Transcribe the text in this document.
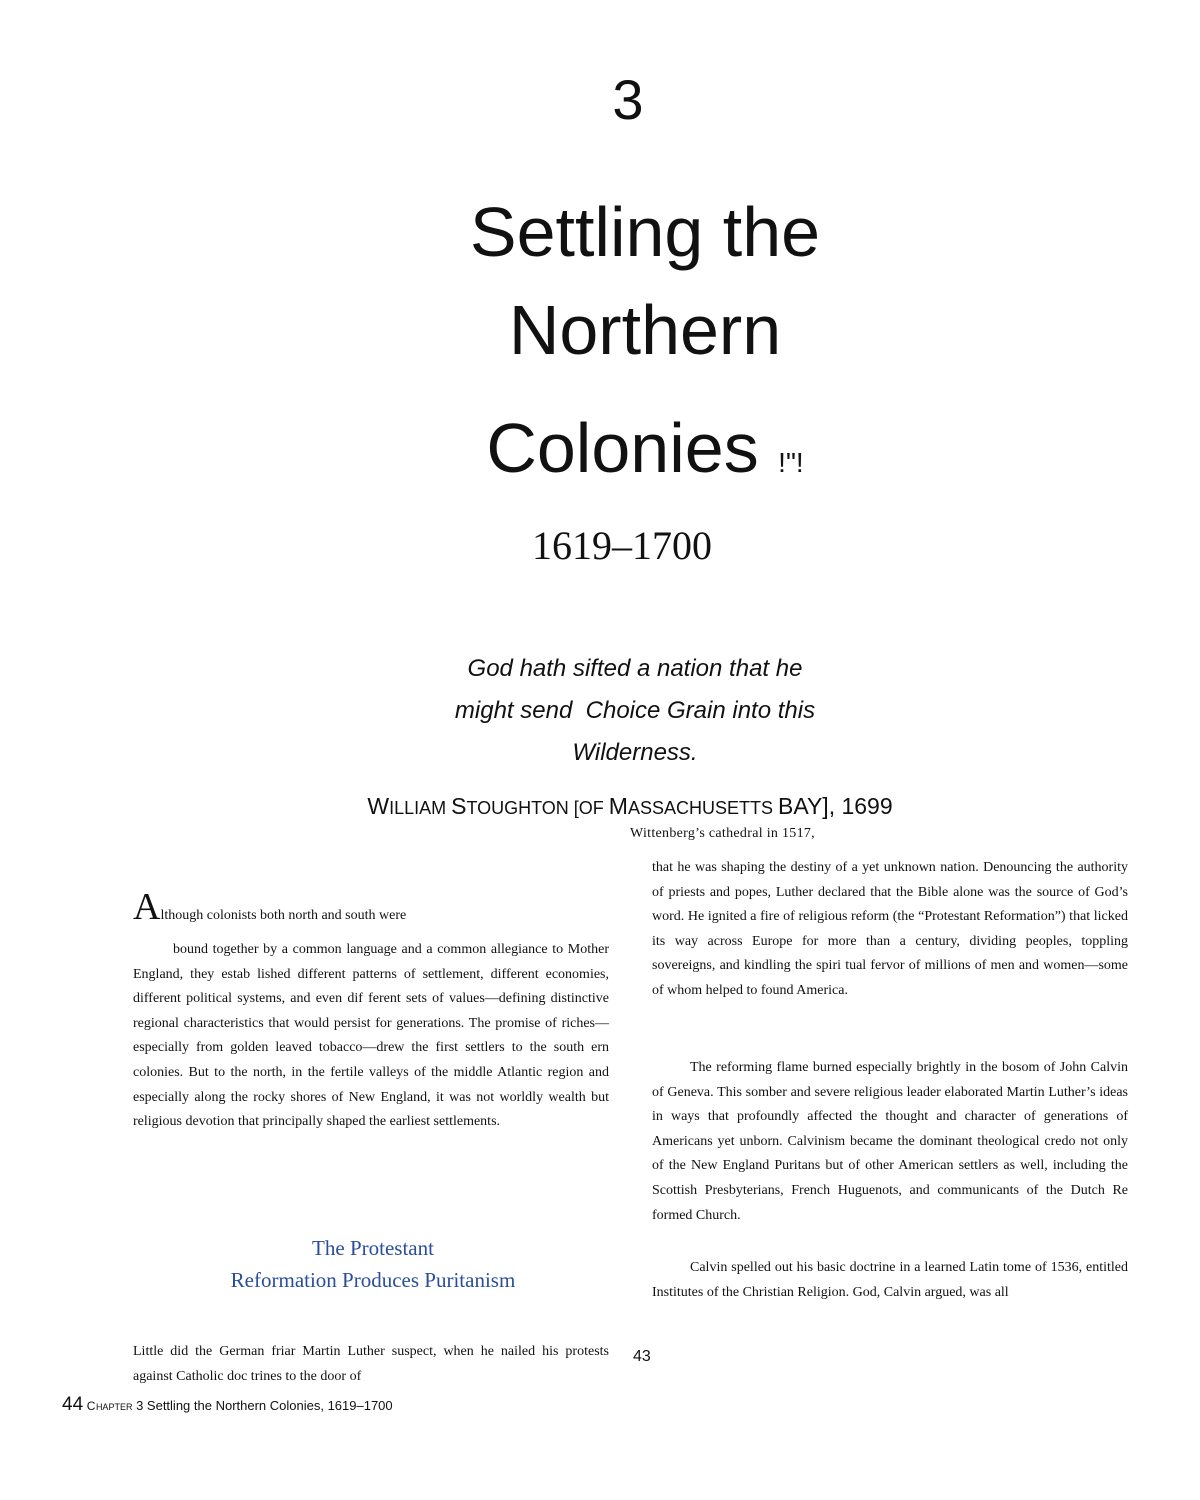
3
Settling the
Northern
Colonies !"!
1619–1700
God hath sifted a nation that he
might send  Choice Grain into this
Wilderness.
WILLIAM STOUGHTON [OF MASSACHUSETTS BAY], 1699
Wittenberg’s cathedral in 1517,
Although colonists both north and south were
bound together by a common language and a common allegiance to Mother England, they estab lished different patterns of settlement, different economies, different political systems, and even dif ferent sets of values—defining distinctive regional characteristics that would persist for generations. The promise of riches—especially from golden leaved tobacco—drew the first settlers to the south ern colonies. But to the north, in the fertile valleys of the middle Atlantic region and especially along the rocky shores of New England, it was not worldly wealth but religious devotion that principally shaped the earliest settlements.
The Protestant
Reformation Produces Puritanism
Little did the German friar Martin Luther suspect, when he nailed his protests against Catholic doc trines to the door of
that he was shaping the destiny of a yet unknown nation. Denouncing the authority of priests and popes, Luther declared that the Bible alone was the source of God’s word. He ignited a fire of religious reform (the “Protestant Reformation”) that licked its way across Europe for more than a century, dividing peoples, toppling sovereigns, and kindling the spiri tual fervor of millions of men and women—some of whom helped to found America.
The reforming flame burned especially brightly in the bosom of John Calvin of Geneva. This somber and severe religious leader elaborated Martin Luther’s ideas in ways that profoundly affected the thought and character of generations of Americans yet unborn. Calvinism became the dominant theological credo not only of the New England Puritans but of other American settlers as well, including the Scottish Presbyterians, French Huguenots, and communicants of the Dutch Re formed Church.
Calvin spelled out his basic doctrine in a learned Latin tome of 1536, entitled Institutes of the Christian Religion. God, Calvin argued, was all
43
44 CHAPTER 3 Settling the Northern Colonies, 1619–1700
